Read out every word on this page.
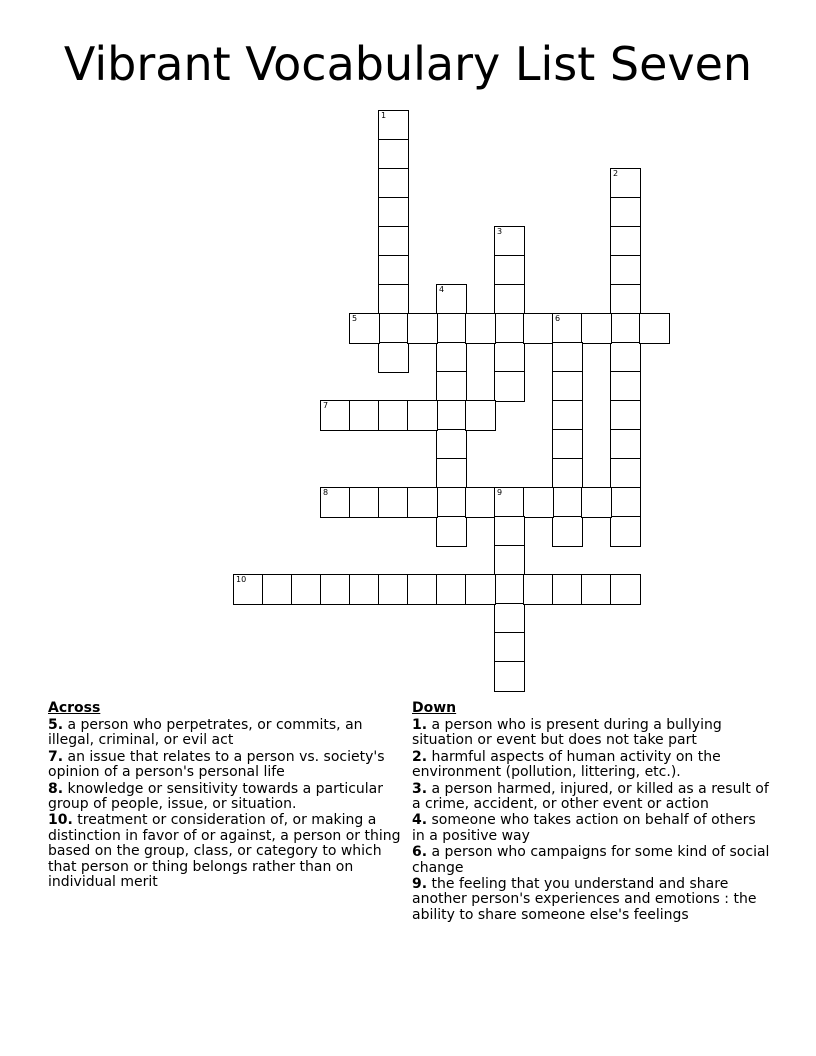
Vibrant Vocabulary List Seven
1
2
3
4
5	6
7
8	9
10
Across
5. a person who perpetrates, or commits, an illegal, criminal, or evil act
7. an issue that relates to a person vs. society's opinion of a person's personal life
8. knowledge or sensitivity towards a particular group of people, issue, or situation.
10. treatment or consideration of, or making a distinction in favor of or against, a person or thing based on the group, class, or category to which that person or thing belongs rather than on individual merit
Down
1. a person who is present during a bullying situation or event but does not take part
2. harmful aspects of human activity on the environment (pollution, littering, etc.).
3. a person harmed, injured, or killed as a result of a crime, accident, or other event or action
4. someone who takes action on behalf of others in a positive way
6. a person who campaigns for some kind of social change
9. the feeling that you understand and share another person's experiences and emotions : the ability to share someone else's feelings
